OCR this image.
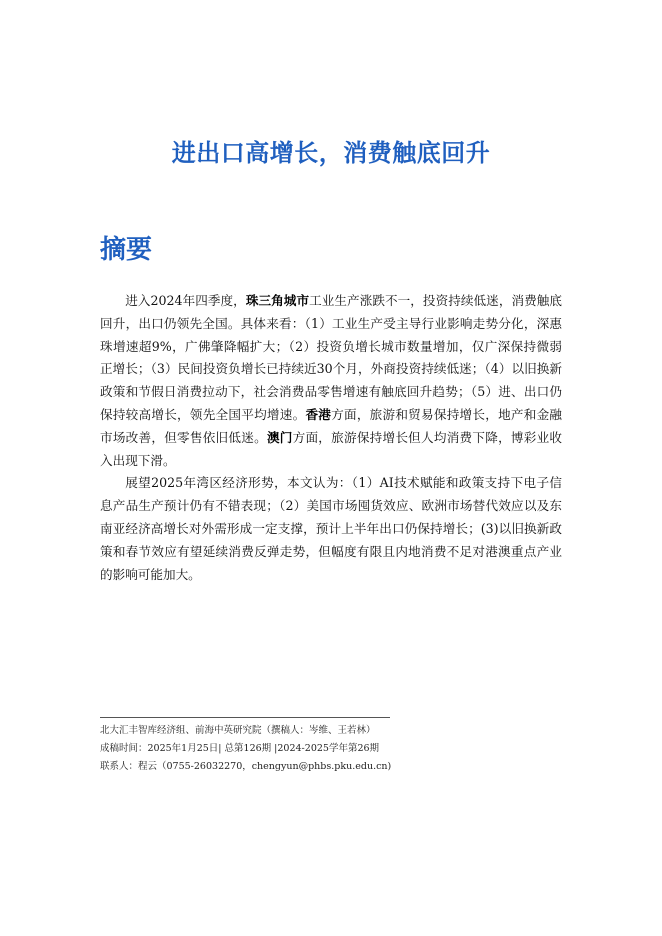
进出口高增长，消费触底回升
摘要

进入2024年四季度，珠三角城市工业生产涨跌不一，投资持续低迷，消费触底回升，出口仍领先全国。具体来看：（1）工业生产受主导行业影响走势分化，深惠珠增速超9%，广佛肇降幅扩大；（2）投资负增长城市数量增加，仅广深保持微弱正增长；（3）民间投资负增长已持续近30个月，外商投资持续低迷；（4）以旧换新政策和节假日消费拉动下，社会消费品零售增速有触底回升趋势；（5）进、出口仍保持较高增长，领先全国平均增速。香港方面，旅游和贸易保持增长，地产和金融市场改善，但零售依旧低迷。澳门方面，旅游保持增长但人均消费下降，博彩业收入出现下滑。

展望2025年湾区经济形势，本文认为：（1）AI技术赋能和政策支持下电子信息产品生产预计仍有不错表现；（2）美国市场囤货效应、欧洲市场替代效应以及东南亚经济高增长对外需形成一定支撑，预计上半年出口仍保持增长；(3)以旧换新政策和春节效应有望延续消费反弹走势，但幅度有限且内地消费不足对港澳重点产业的影响可能加大。

北大汇丰智库经济组、前海中英研究院（撰稿人：岑维、王若林）
成稿时间：2025年1月25日| 总第126期 |2024-2025学年第26期
联系人：程云（0755-26032270，chengyun@phbs.pku.edu.cn)
